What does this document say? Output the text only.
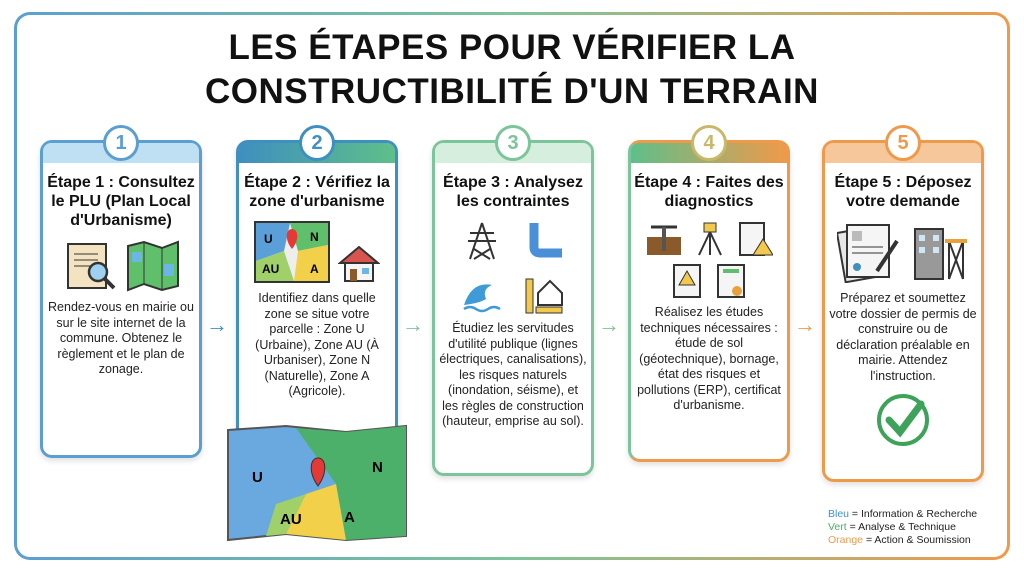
LES ÉTAPES POUR VÉRIFIER LA
CONSTRUCTIBILITÉ D'UN TERRAIN
1
Étape 1 : Consultez le PLU (Plan Local d'Urbanisme)
Rendez-vous en mairie ou sur le site internet de la commune. Obtenez le règlement et le plan de zonage.
2
Étape 2 : Vérifiez la zone d'urbanisme
U	N
AU	A
Identifiez dans quelle zone se situe votre parcelle : Zone U (Urbaine), Zone AU (À Urbaniser), Zone N (Naturelle), Zone A (Agricole).
U
N
AU	A
3
Étape 3 : Analysez les contraintes
Étudiez les servitudes d'utilité publique (lignes électriques, canalisations), les risques naturels (inondation, séisme), et les règles de construction (hauteur, emprise au sol).
4
Étape 4 : Faites des diagnostics
Réalisez les études techniques nécessaires : étude de sol (géotechnique), bornage, état des risques et pollutions (ERP), certificat d'urbanisme.
5
Étape 5 : Déposez votre demande
Préparez et soumettez votre dossier de permis de construire ou de déclaration préalable en mairie. Attendez l'instruction.
→	→	→	→
Bleu = Information & Recherche
Vert = Analyse & Technique
Orange = Action & Soumission
